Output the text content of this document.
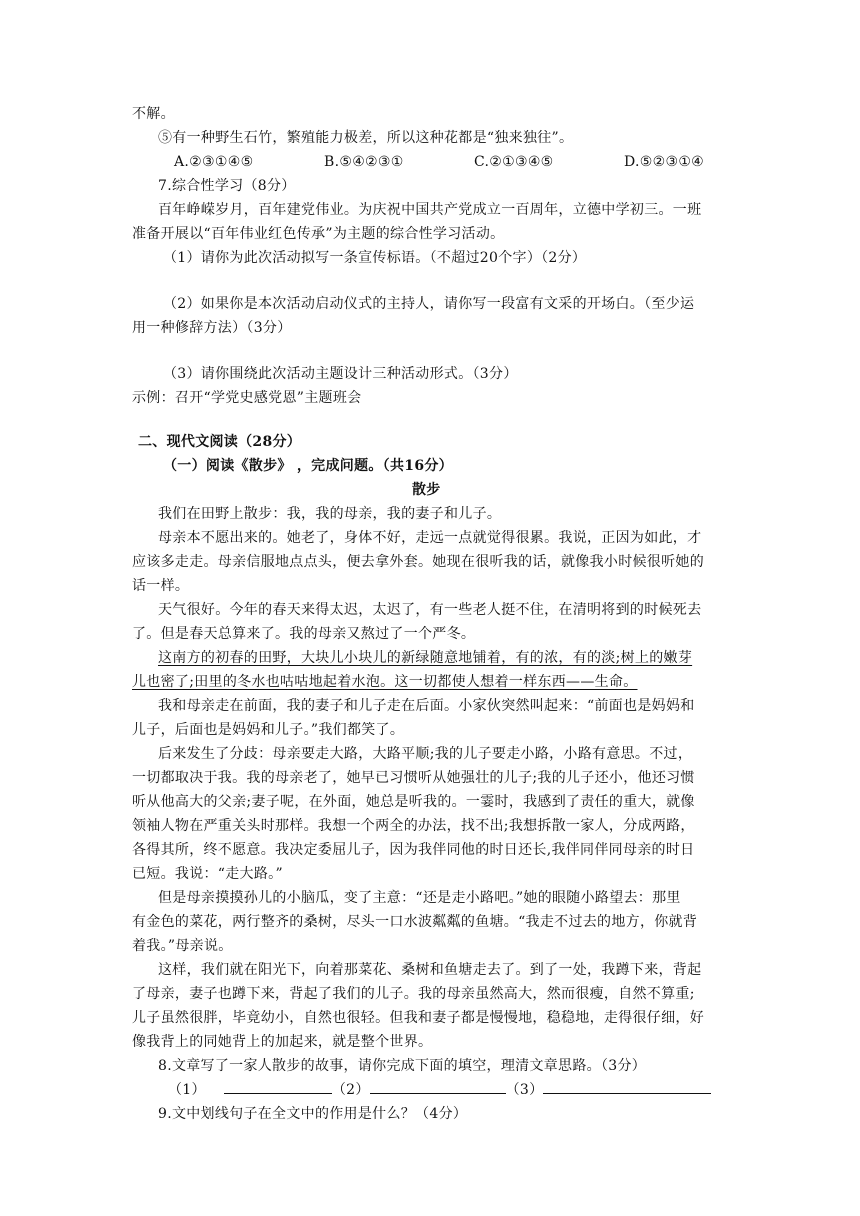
不解。
⑤有一种野生石竹，繁殖能力极差，所以这种花都是“独来独往”。
A.②③①④⑤	B.⑤④②③①	C.②①③④⑤	D.⑤②③①④
7.综合性学习（8分）
百年峥嵘岁月，百年建党伟业。为庆祝中国共产党成立一百周年，立德中学初三。一班
准备开展以“百年伟业红色传承”为主题的综合性学习活动。
（1）请你为此次活动拟写一条宣传标语。（不超过20个字）（2分）
（2）如果你是本次活动启动仪式的主持人，请你写一段富有文采的开场白。（至少运
用一种修辞方法）（3分）
（3）请你围绕此次活动主题设计三种活动形式。（3分）
示例：召开“学党史感党恩”主题班会
二、现代文阅读（28分）
（一）阅读《散步》 ，完成问题。（共16分）
散步
我们在田野上散步：我，我的母亲，我的妻子和儿子。
母亲本不愿出来的。她老了，身体不好，走远一点就觉得很累。我说，正因为如此，才
应该多走走。母亲信服地点点头，便去拿外套。她现在很听我的话，就像我小时候很听她的
话一样。
天气很好。今年的春天来得太迟，太迟了，有一些老人挺不住，在清明将到的时候死去
了。但是春天总算来了。我的母亲又熬过了一个严冬。
这南方的初春的田野，大块儿小块儿的新绿随意地铺着，有的浓，有的淡;树上的嫩芽
儿也密了;田里的冬水也咕咕地起着水泡。这一切都使人想着一样东西——生命。
我和母亲走在前面，我的妻子和儿子走在后面。小家伙突然叫起来：“前面也是妈妈和
儿子，后面也是妈妈和儿子。”我们都笑了。
后来发生了分歧：母亲要走大路，大路平顺;我的儿子要走小路，小路有意思。不过，
一切都取决于我。我的母亲老了，她早已习惯听从她强壮的儿子;我的儿子还小，他还习惯
听从他高大的父亲;妻子呢，在外面，她总是听我的。一霎时，我感到了责任的重大，就像
领袖人物在严重关头时那样。我想一个两全的办法，找不出;我想拆散一家人，分成两路，
各得其所，终不愿意。我决定委屈儿子，因为我伴同他的时日还长,我伴同伴同母亲的时日
已短。我说：“走大路。”
但是母亲摸摸孙儿的小脑瓜，变了主意：“还是走小路吧。”她的眼随小路望去：那里
有金色的菜花，两行整齐的桑树，尽头一口水波粼粼的鱼塘。“我走不过去的地方，你就背
着我。”母亲说。
这样，我们就在阳光下，向着那菜花、桑树和鱼塘走去了。到了一处，我蹲下来，背起
了母亲，妻子也蹲下来，背起了我们的儿子。我的母亲虽然高大，然而很瘦，自然不算重;
儿子虽然很胖，毕竟幼小，自然也很轻。但我和妻子都是慢慢地，稳稳地，走得很仔细，好
像我背上的同她背上的加起来，就是整个世界。
8.文章写了一家人散步的故事，请你完成下面的填空，理清文章思路。（3分）
（1）	（2）	（3）
9.文中划线句子在全文中的作用是什么？（4分）
